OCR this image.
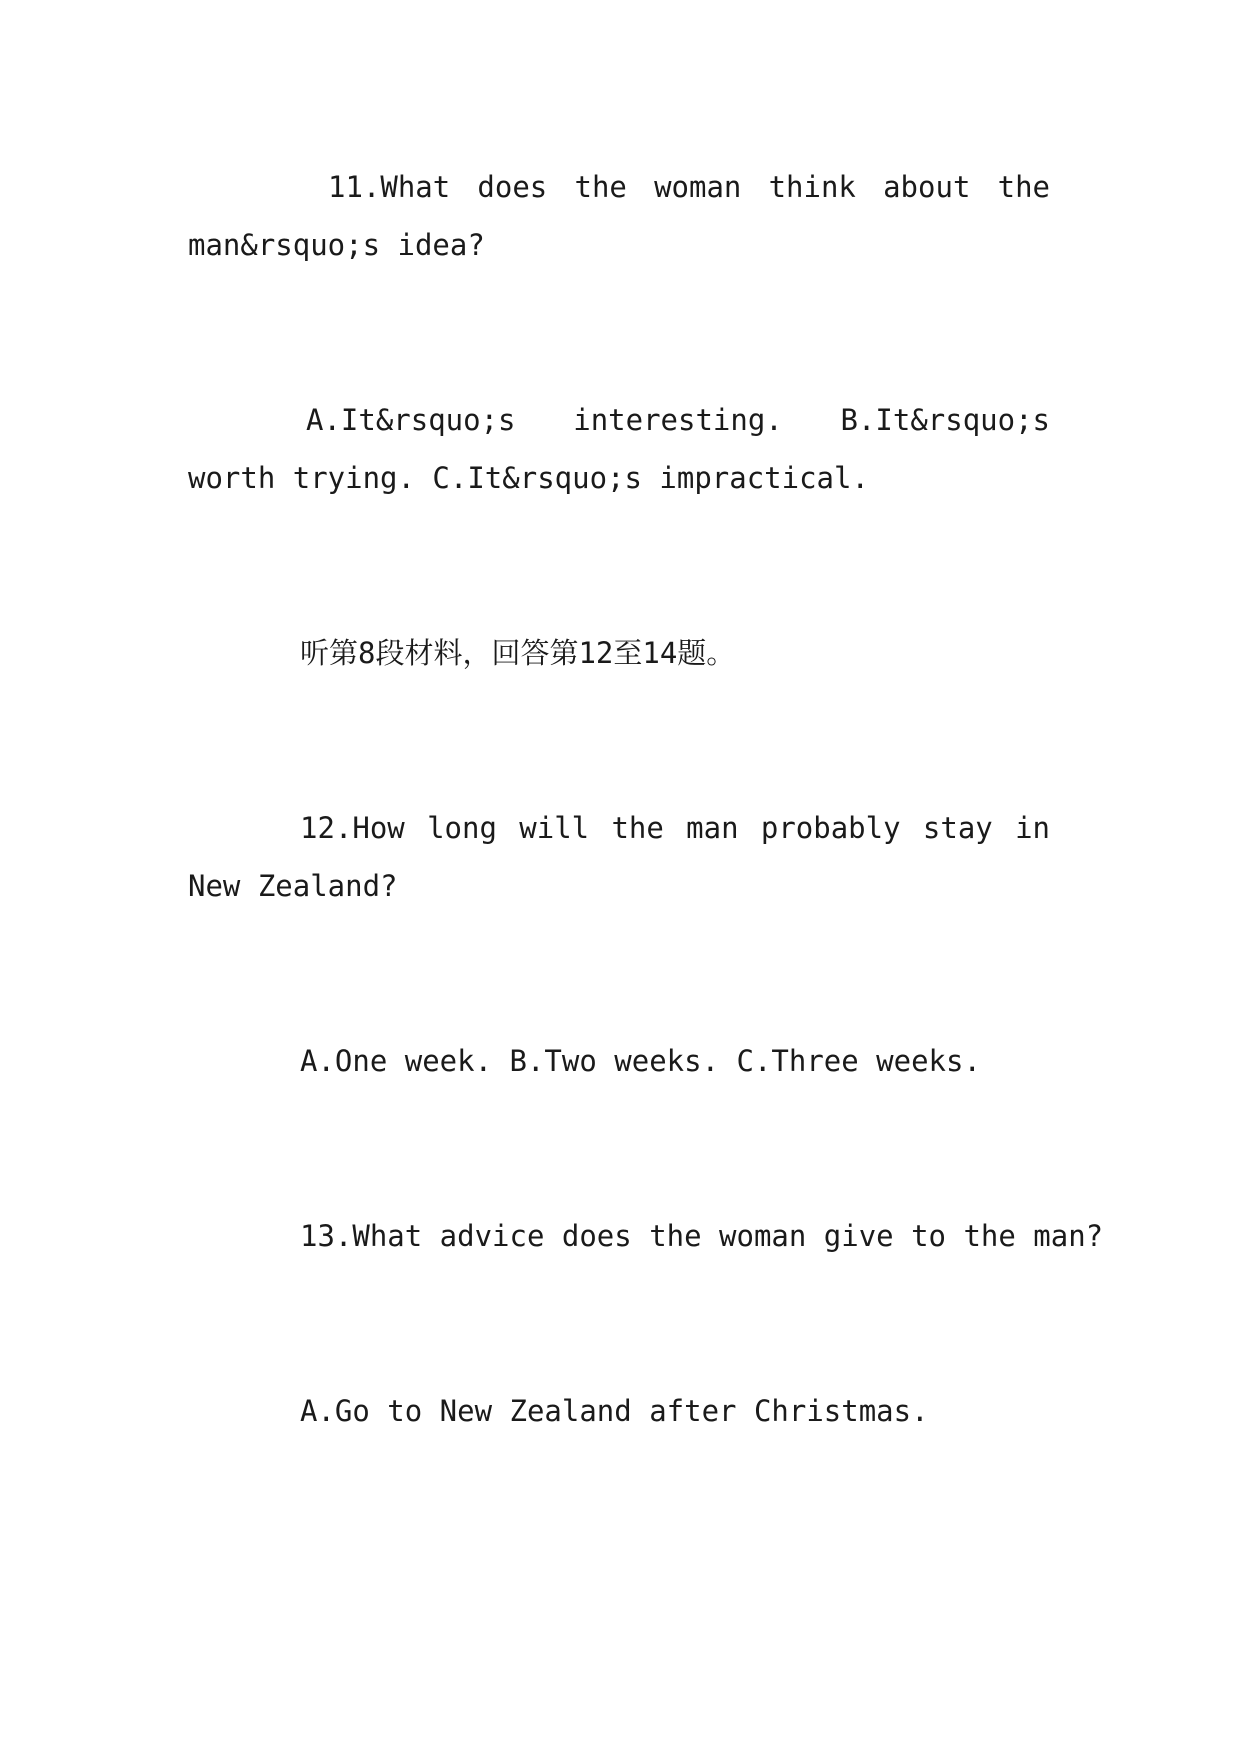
11.What does the woman think about the man&rsquo;s idea?
A.It&rsquo;s interesting. B.It&rsquo;s worth trying. C.It&rsquo;s impractical.
听第8段材料，回答第12至14题。
12.How long will the man probably stay in New Zealand?
A.One week. B.Two weeks. C.Three weeks.
13.What advice does the woman give to the man?
A.Go to New Zealand after Christmas.
